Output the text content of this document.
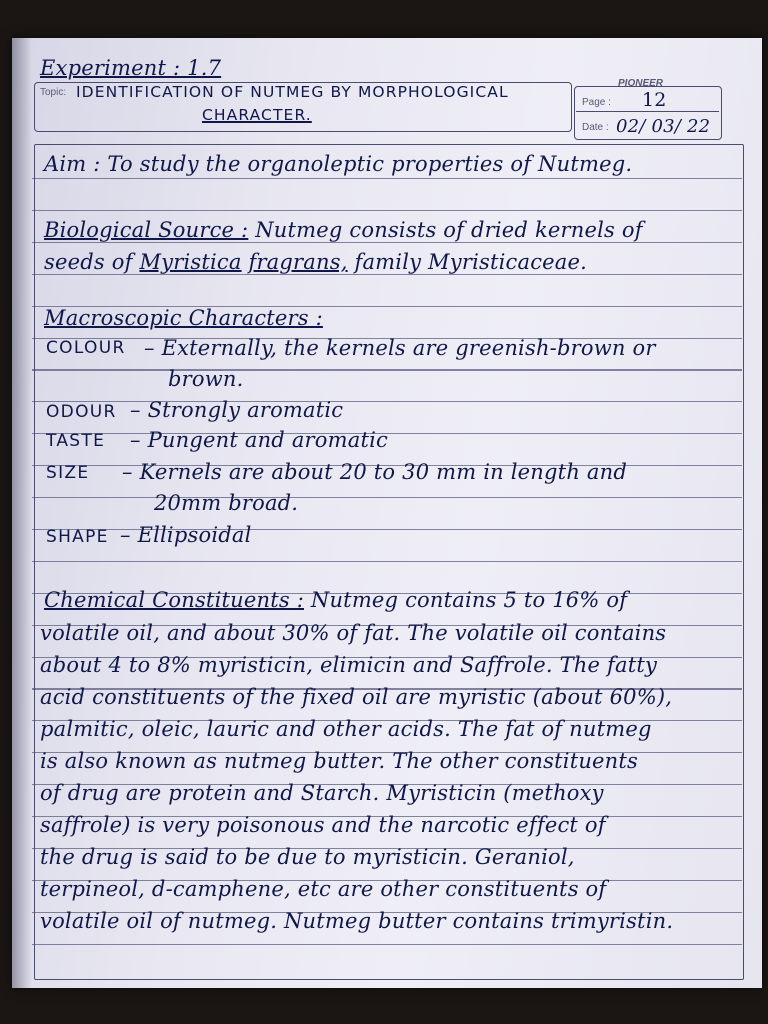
Experiment : 1.7
Topic: IDENTIFICATION OF NUTMEG BY MORPHOLOGICAL
CHARACTER.
PIONEER
Page : 12
Date : 02/ 03/ 22
Aim : To study the organoleptic properties of Nutmeg.
Biological Source : Nutmeg consists of dried kernels of
seeds of Myristica fragrans, family Myristicaceae.
Macroscopic Characters :
COLOUR – Externally, the kernels are greenish-brown or
brown.
ODOUR – Strongly aromatic
TASTE – Pungent and aromatic
SIZE – Kernels are about 20 to 30 mm in length and
20mm broad.
SHAPE – Ellipsoidal
Chemical Constituents : Nutmeg contains 5 to 16% of
volatile oil, and about 30% of fat. The volatile oil contains
about 4 to 8% myristicin, elimicin and Saffrole. The fatty
acid constituents of the fixed oil are myristic (about 60%),
palmitic, oleic, lauric and other acids. The fat of nutmeg
is also known as nutmeg butter. The other constituents
of drug are protein and Starch. Myristicin (methoxy
saffrole) is very poisonous and the narcotic effect of
the drug is said to be due to myristicin. Geraniol,
terpineol, d-camphene, etc are other constituents of
volatile oil of nutmeg. Nutmeg butter contains trimyristin.
